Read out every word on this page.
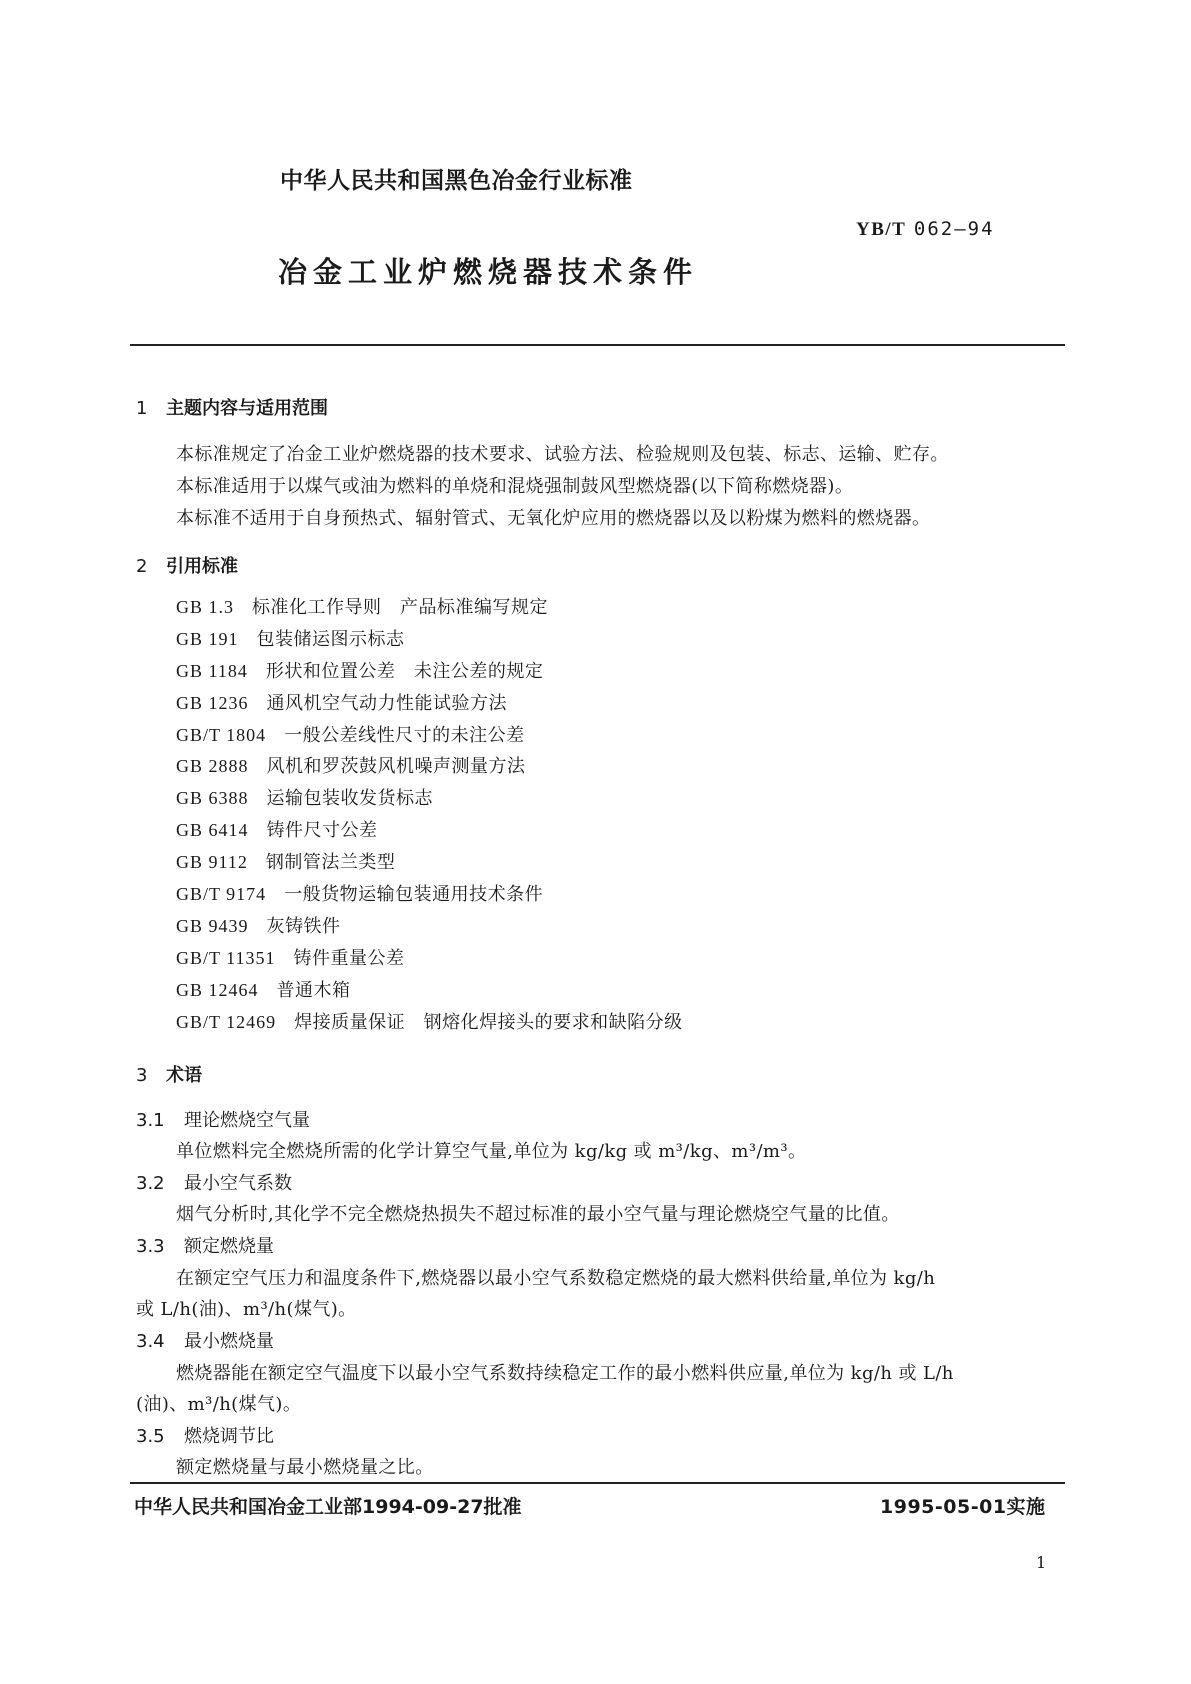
中华人民共和国黑色冶金行业标准
YB/T 062—94
冶金工业炉燃烧器技术条件
1 主题内容与适用范围
本标准规定了冶金工业炉燃烧器的技术要求、试验方法、检验规则及包装、标志、运输、贮存。
本标准适用于以煤气或油为燃料的单烧和混烧强制鼓风型燃烧器(以下简称燃烧器)。
本标准不适用于自身预热式、辐射管式、无氧化炉应用的燃烧器以及以粉煤为燃料的燃烧器。
2 引用标准
GB 1.3 标准化工作导则　产品标准编写规定
GB 191 包装储运图示标志
GB 1184 形状和位置公差　未注公差的规定
GB 1236 通风机空气动力性能试验方法
GB/T 1804 一般公差线性尺寸的未注公差
GB 2888 风机和罗茨鼓风机噪声测量方法
GB 6388 运输包装收发货标志
GB 6414 铸件尺寸公差
GB 9112 钢制管法兰类型
GB/T 9174 一般货物运输包装通用技术条件
GB 9439 灰铸铁件
GB/T 11351 铸件重量公差
GB 12464 普通木箱
GB/T 12469 焊接质量保证　钢熔化焊接头的要求和缺陷分级
3 术语
3.1 理论燃烧空气量
单位燃料完全燃烧所需的化学计算空气量,单位为 kg/kg 或 m³/kg、m³/m³。
3.2 最小空气系数
烟气分析时,其化学不完全燃烧热损失不超过标准的最小空气量与理论燃烧空气量的比值。
3.3 额定燃烧量
在额定空气压力和温度条件下,燃烧器以最小空气系数稳定燃烧的最大燃料供给量,单位为 kg/h
或 L/h(油)、m³/h(煤气)。
3.4 最小燃烧量
燃烧器能在额定空气温度下以最小空气系数持续稳定工作的最小燃料供应量,单位为 kg/h 或 L/h
(油)、m³/h(煤气)。
3.5 燃烧调节比
额定燃烧量与最小燃烧量之比。
中华人民共和国冶金工业部1994-09-27批准	1995-05-01实施
1
